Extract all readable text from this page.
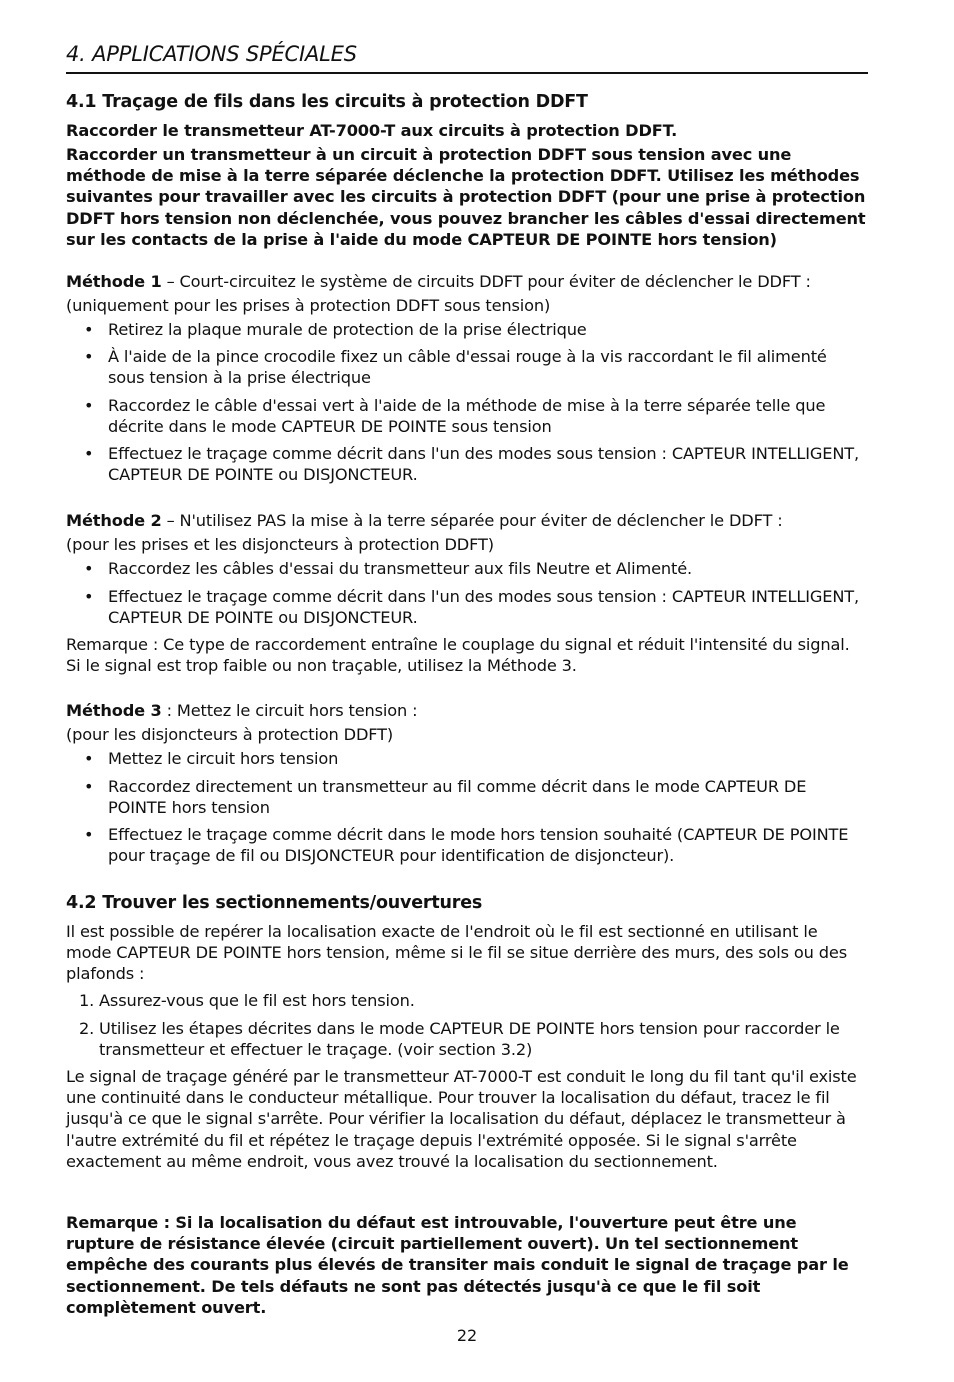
4. APPLICATIONS SPÉCIALES
4.1 Traçage de fils dans les circuits à protection DDFT
Raccorder le transmetteur AT-7000-T aux circuits à protection DDFT.
Raccorder un transmetteur à un circuit à protection DDFT sous tension avec une méthode de mise à la terre séparée déclenche la protection DDFT. Utilisez les méthodes suivantes pour travailler avec les circuits à protection DDFT (pour une prise à protection DDFT hors tension non déclenchée, vous pouvez brancher les câbles d'essai directement sur les contacts de la prise à l'aide du mode CAPTEUR DE POINTE hors tension)
Méthode 1 – Court-circuitez le système de circuits DDFT pour éviter de déclencher le DDFT :
(uniquement pour les prises à protection DDFT sous tension)
• Retirez la plaque murale de protection de la prise électrique
• À l'aide de la pince crocodile fixez un câble d'essai rouge à la vis raccordant le fil alimenté sous tension à la prise électrique
• Raccordez le câble d'essai vert à l'aide de la méthode de mise à la terre séparée telle que décrite dans le mode CAPTEUR DE POINTE sous tension
• Effectuez le traçage comme décrit dans l'un des modes sous tension : CAPTEUR INTELLIGENT, CAPTEUR DE POINTE ou DISJONCTEUR.
Méthode 2 – N'utilisez PAS la mise à la terre séparée pour éviter de déclencher le DDFT :
(pour les prises et les disjoncteurs à protection DDFT)
• Raccordez les câbles d'essai du transmetteur aux fils Neutre et Alimenté.
• Effectuez le traçage comme décrit dans l'un des modes sous tension : CAPTEUR INTELLIGENT, CAPTEUR DE POINTE ou DISJONCTEUR.
Remarque : Ce type de raccordement entraîne le couplage du signal et réduit l'intensité du signal. Si le signal est trop faible ou non traçable, utilisez la Méthode 3.
Méthode 3 : Mettez le circuit hors tension :
(pour les disjoncteurs à protection DDFT)
• Mettez le circuit hors tension
• Raccordez directement un transmetteur au fil comme décrit dans le mode CAPTEUR DE POINTE hors tension
• Effectuez le traçage comme décrit dans le mode hors tension souhaité (CAPTEUR DE POINTE pour traçage de fil ou DISJONCTEUR pour identification de disjoncteur).
4.2 Trouver les sectionnements/ouvertures
Il est possible de repérer la localisation exacte de l'endroit où le fil est sectionné en utilisant le mode CAPTEUR DE POINTE hors tension, même si le fil se situe derrière des murs, des sols ou des plafonds :
1. Assurez-vous que le fil est hors tension.
2. Utilisez les étapes décrites dans le mode CAPTEUR DE POINTE hors tension pour raccorder le transmetteur et effectuer le traçage. (voir section 3.2)
Le signal de traçage généré par le transmetteur AT-7000-T est conduit le long du fil tant qu'il existe une continuité dans le conducteur métallique. Pour trouver la localisation du défaut, tracez le fil jusqu'à ce que le signal s'arrête. Pour vérifier la localisation du défaut, déplacez le transmetteur à l'autre extrémité du fil et répétez le traçage depuis l'extrémité opposée. Si le signal s'arrête exactement au même endroit, vous avez trouvé la localisation du sectionnement.
Remarque : Si la localisation du défaut est introuvable, l'ouverture peut être une rupture de résistance élevée (circuit partiellement ouvert). Un tel sectionnement empêche des courants plus élevés de transiter mais conduit le signal de traçage par le sectionnement. De tels défauts ne sont pas détectés jusqu'à ce que le fil soit complètement ouvert.
22
